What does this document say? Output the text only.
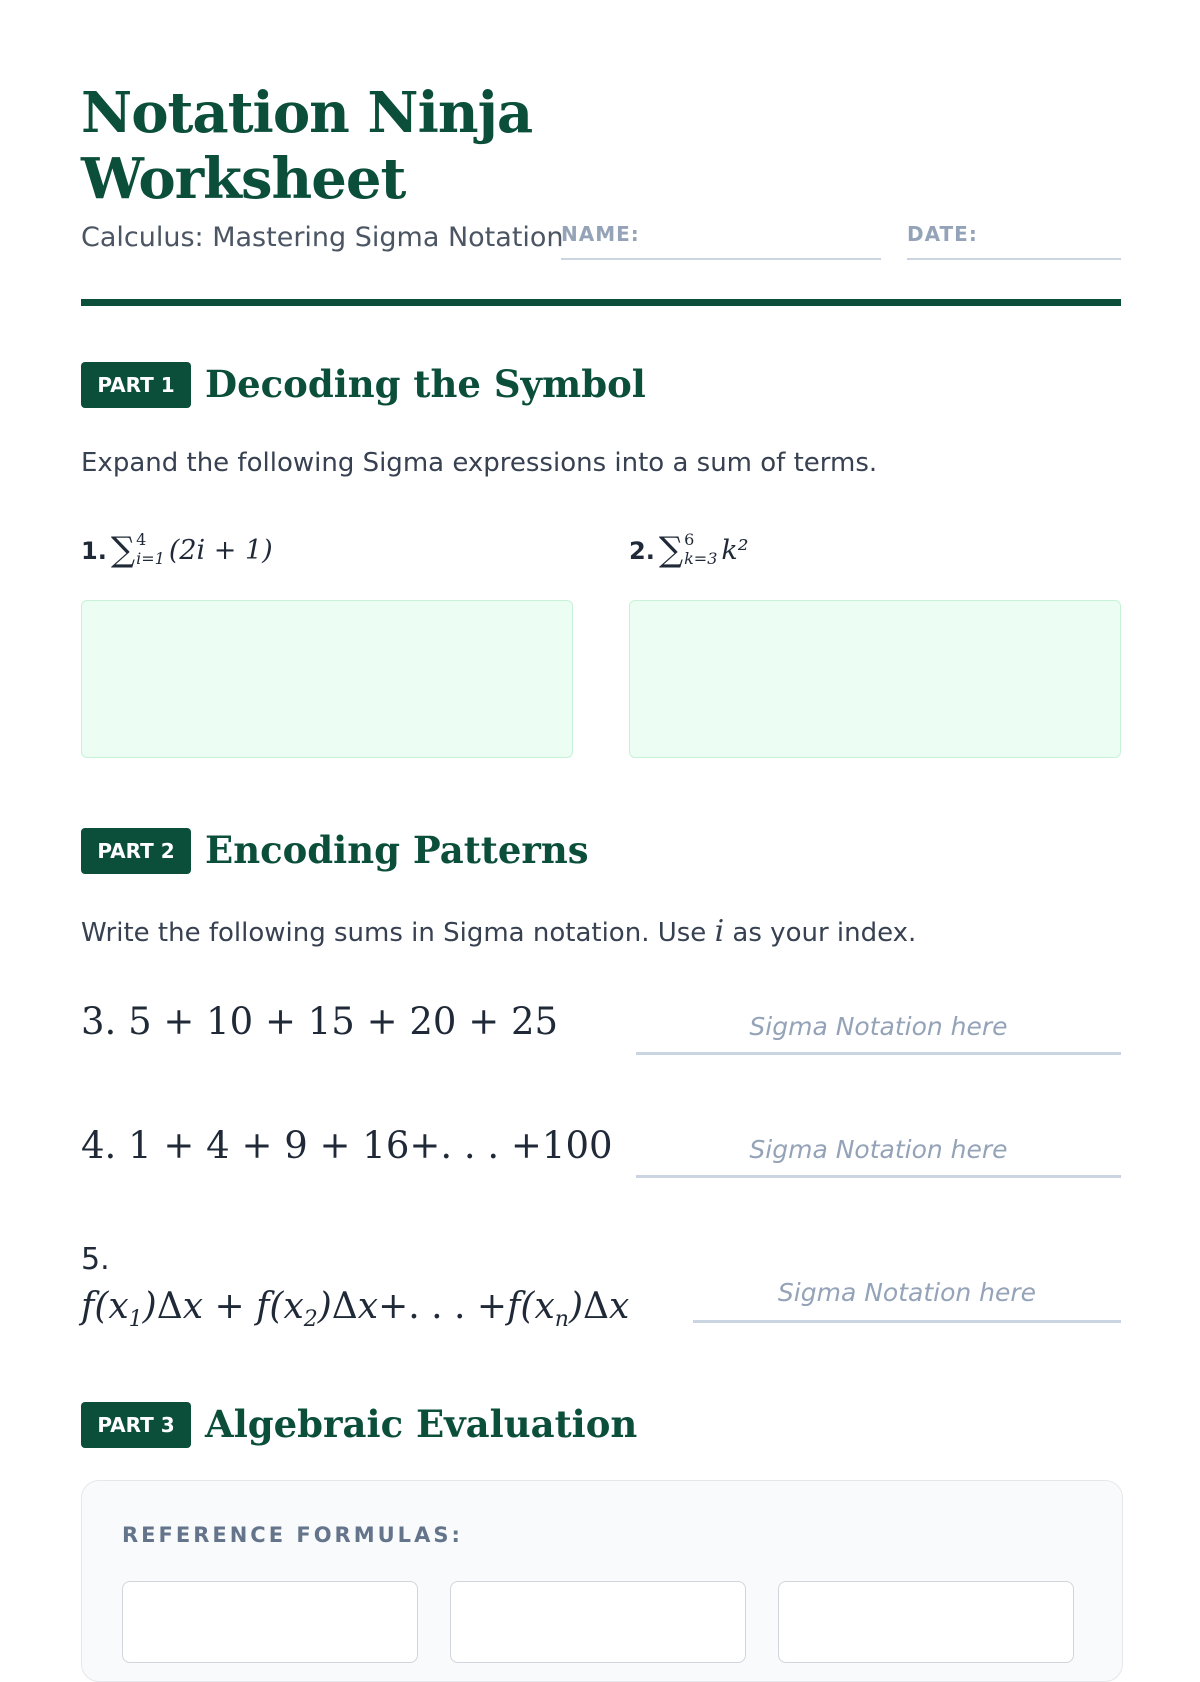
Notation Ninja
Worksheet
Calculus: Mastering Sigma Notation
NAME:	DATE:
PART 1 Decoding the Symbol
Expand the following Sigma expressions into a sum of terms.
1. ∑ 4
i=1 (2i + 1)	2. ∑ 6
k=3 k²
PART 2 Encoding Patterns
Write the following sums in Sigma notation. Use i as your index.
3. 5 + 10 + 15 + 20 + 25	Sigma Notation here
4. 1 + 4 + 9 + 16+. . . +100	Sigma Notation here
5.
$f(x_1)\Delta x + f(x_2)\Delta x+$. . . $+f(x_n)\Delta x$	Sigma Notation here
PART 3 Algebraic Evaluation
REFERENCE FORMULAS:
